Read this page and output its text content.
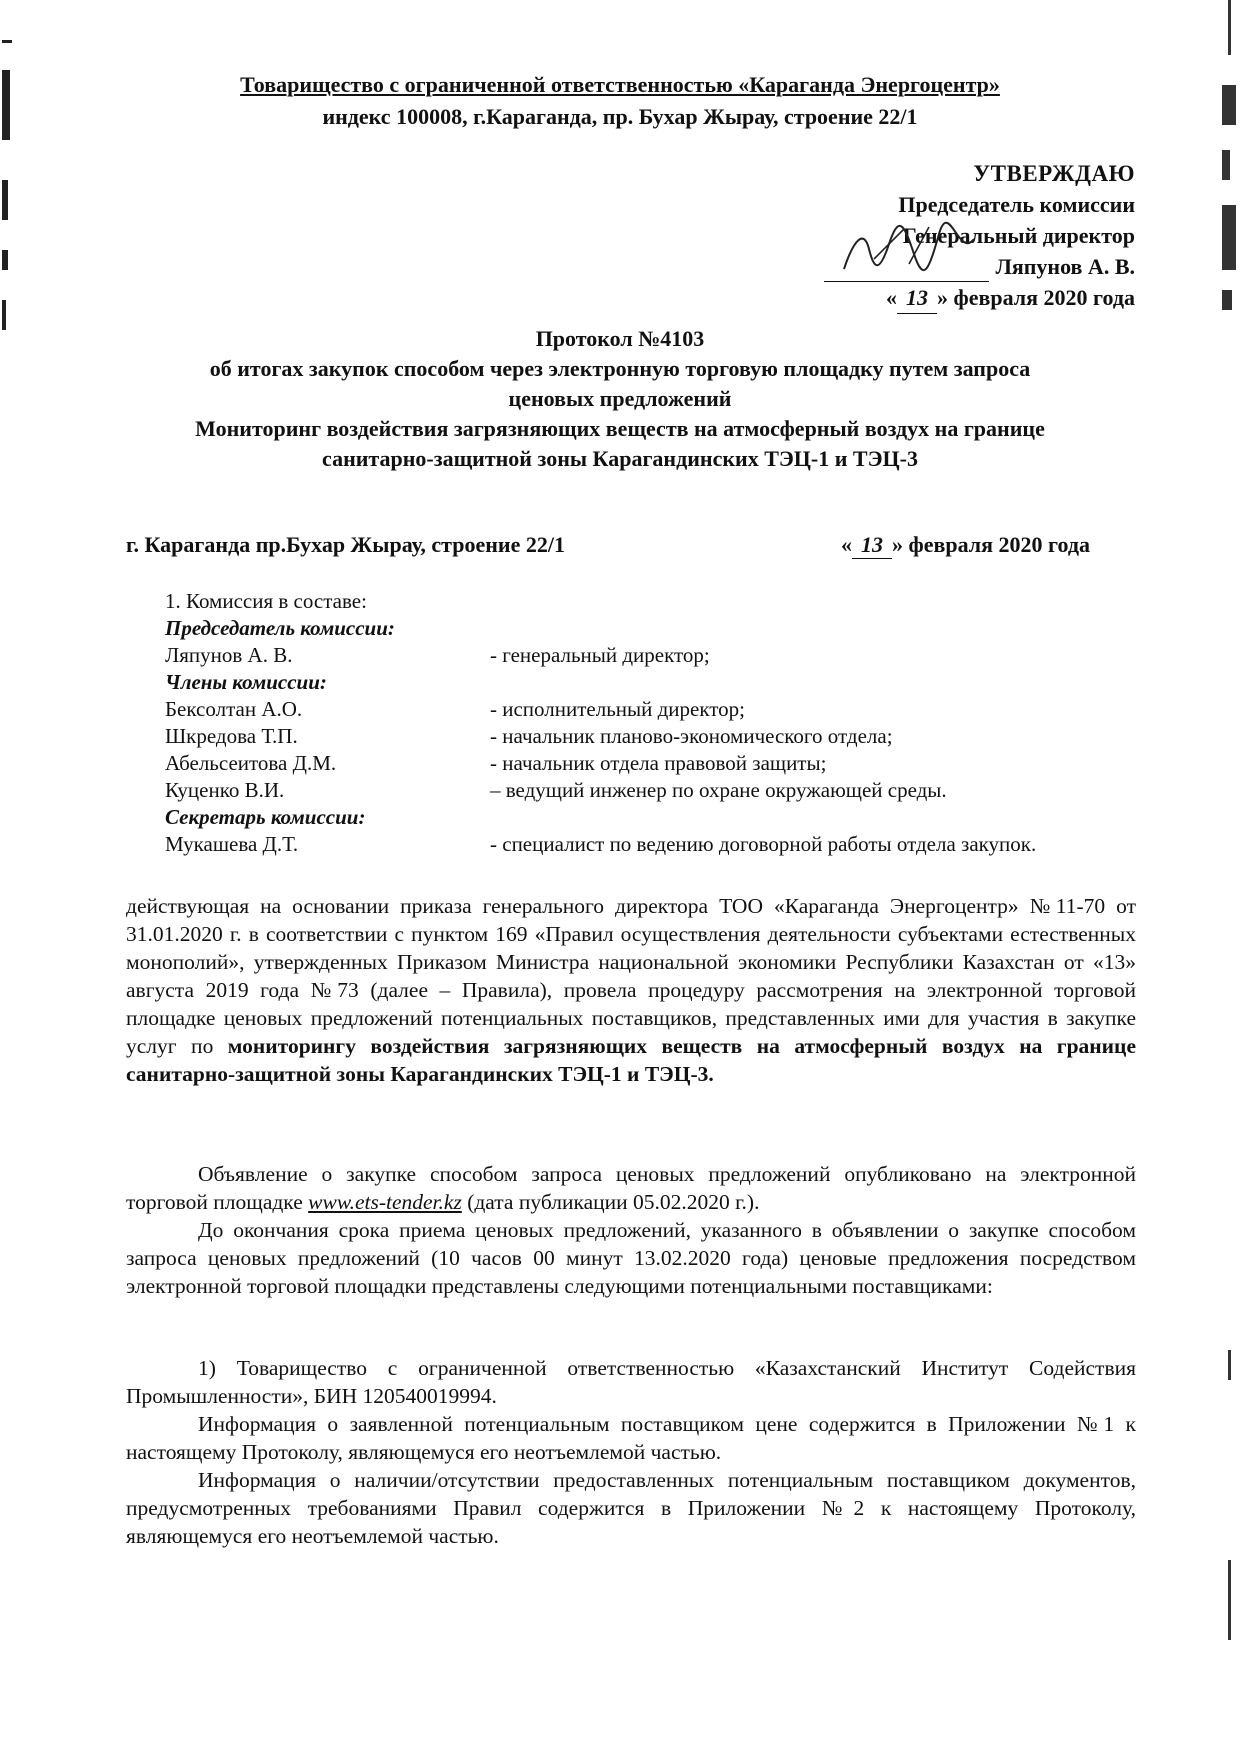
Товарищество с ограниченной ответственностью «Караганда Энергоцентр»
индекс 100008, г.Караганда, пр. Бухар Жырау, строение 22/1
УТВЕРЖДАЮ
Председатель комиссии
Генеральный директор
Ляпунов А. В.
« 13 » февраля 2020 года
Протокол №4103
об итогах закупок способом через электронную торговую площадку путем запроса
ценовых предложений
Мониторинг воздействия загрязняющих веществ на атмосферный воздух на границе
санитарно-защитной зоны Карагандинских ТЭЦ-1 и ТЭЦ-3
г. Караганда пр.Бухар Жырау, строение 22/1	« 13 » февраля 2020 года
1. Комиссия в составе:
Председатель комиссии:
Ляпунов А. В.	- генеральный директор;
Члены комиссии:
Бексолтан А.О.	- исполнительный директор;
Шкредова Т.П.	- начальник планово-экономического отдела;
Абельсеитова Д.М.	- начальник отдела правовой защиты;
Куценко В.И.	– ведущий инженер по охране окружающей среды.
Секретарь комиссии:
Мукашева Д.Т.	- специалист по ведению договорной работы отдела закупок.
действующая на основании приказа генерального директора ТОО «Караганда Энергоцентр» №11-70 от 31.01.2020 г. в соответствии с пунктом 169 «Правил осуществления деятельности субъектами естественных монополий», утвержденных Приказом Министра национальной экономики Республики Казахстан от «13» августа 2019 года №73 (далее – Правила), провела процедуру рассмотрения на электронной торговой площадке ценовых предложений потенциальных поставщиков, представленных ими для участия в закупке услуг по мониторингу воздействия загрязняющих веществ на атмосферный воздух на границе санитарно-защитной зоны Карагандинских ТЭЦ-1 и ТЭЦ-3.
Объявление о закупке способом запроса ценовых предложений опубликовано на электронной торговой площадке www.ets-tender.kz (дата публикации 05.02.2020 г.).
До окончания срока приема ценовых предложений, указанного в объявлении о закупке способом запроса ценовых предложений (10 часов 00 минут 13.02.2020 года) ценовые предложения посредством электронной торговой площадки представлены следующими потенциальными поставщиками:
1) Товарищество с ограниченной ответственностью «Казахстанский Институт Содействия Промышленности», БИН 120540019994.
Информация о заявленной потенциальным поставщиком цене содержится в Приложении №1 к настоящему Протоколу, являющемуся его неотъемлемой частью.
Информация о наличии/отсутствии предоставленных потенциальным поставщиком документов, предусмотренных требованиями Правил содержится в Приложении №2 к настоящему Протоколу, являющемуся его неотъемлемой частью.
